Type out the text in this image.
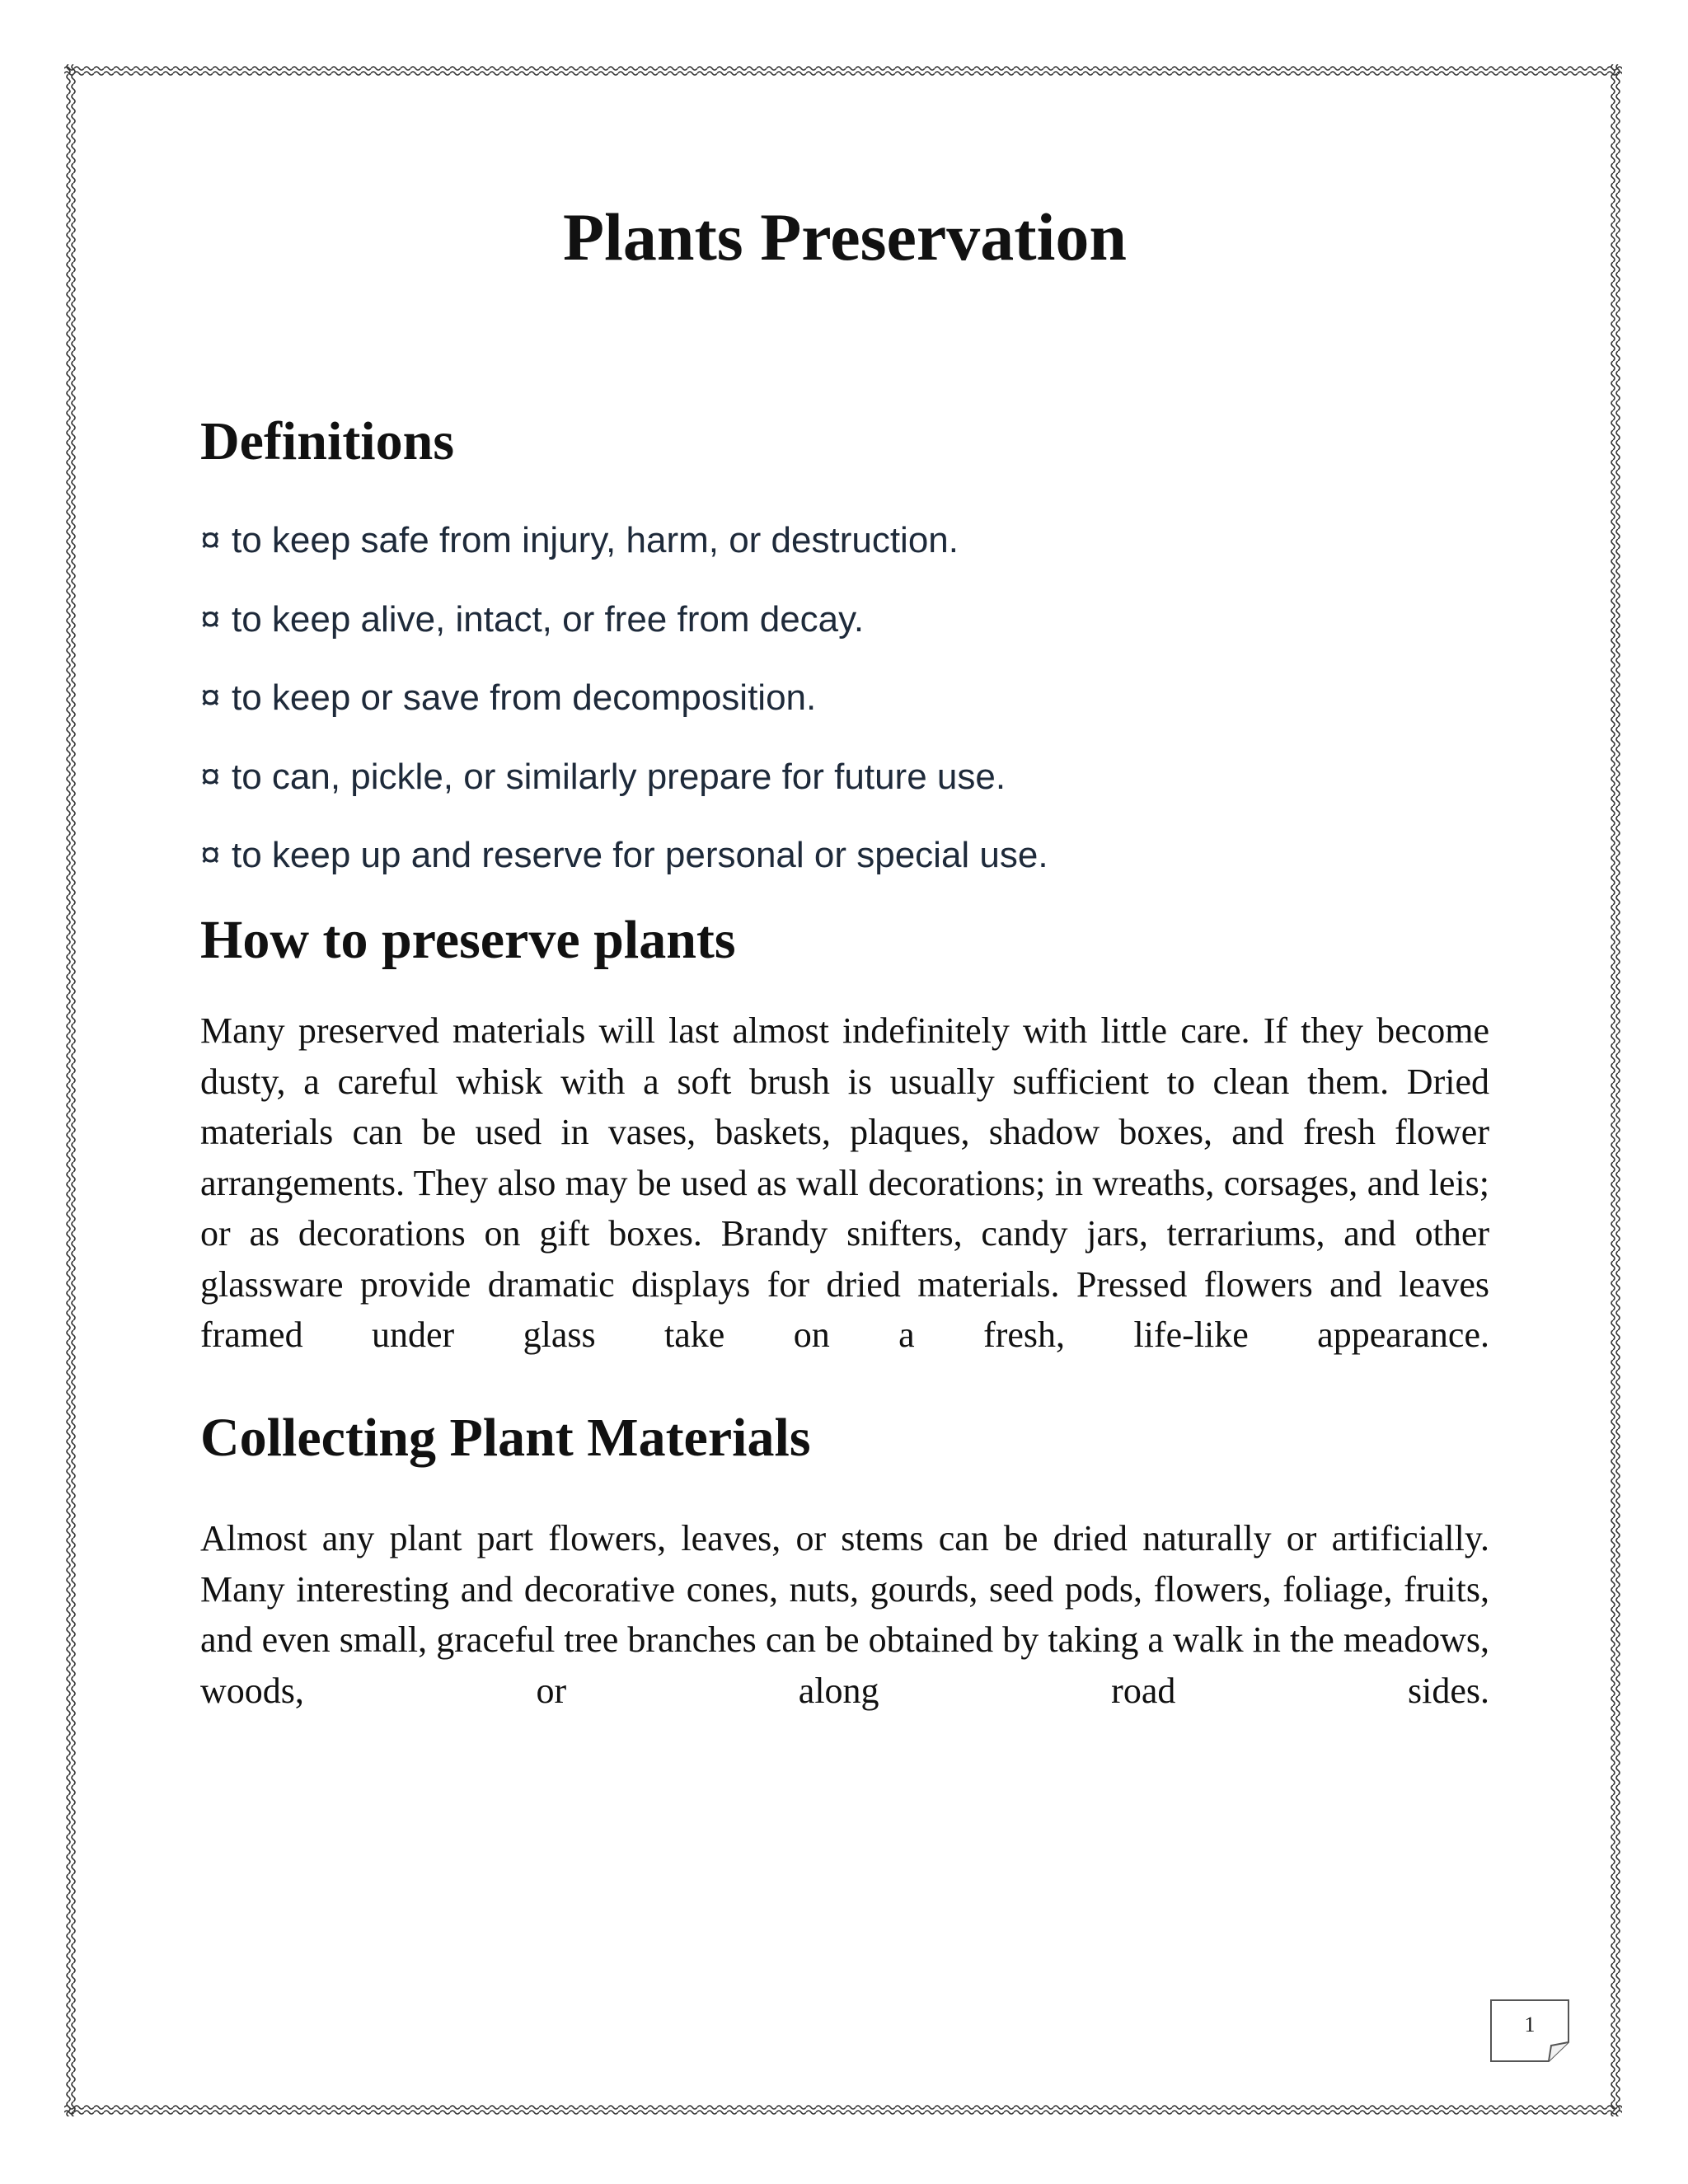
Plants Preservation
Definitions
¤ to keep safe from injury, harm, or destruction.
¤ to keep alive, intact, or free from decay.
¤ to keep or save from decomposition.
¤ to can, pickle, or similarly prepare for future use.
¤ to keep up and reserve for personal or special use.
How to preserve plants

Many preserved materials will last almost indefinitely with little care. If they become dusty, a careful whisk with a soft brush is usually sufficient to clean them. Dried materials can be used in vases, baskets, plaques, shadow boxes, and fresh flower arrangements. They also may be used as wall decorations; in wreaths, corsages, and leis; or as decorations on gift boxes. Brandy snifters, candy jars, terrariums, and other glassware provide dramatic displays for dried materials. Pressed flowers and leaves framed under glass take on a fresh, life-like appearance.

Collecting Plant Materials

Almost any plant part flowers, leaves, or stems can be dried naturally or artificially. Many interesting and decorative cones, nuts, gourds, seed pods, flowers, foliage, fruits, and even small, graceful tree branches can be obtained by taking a walk in the meadows, woods, or along road sides.

1
